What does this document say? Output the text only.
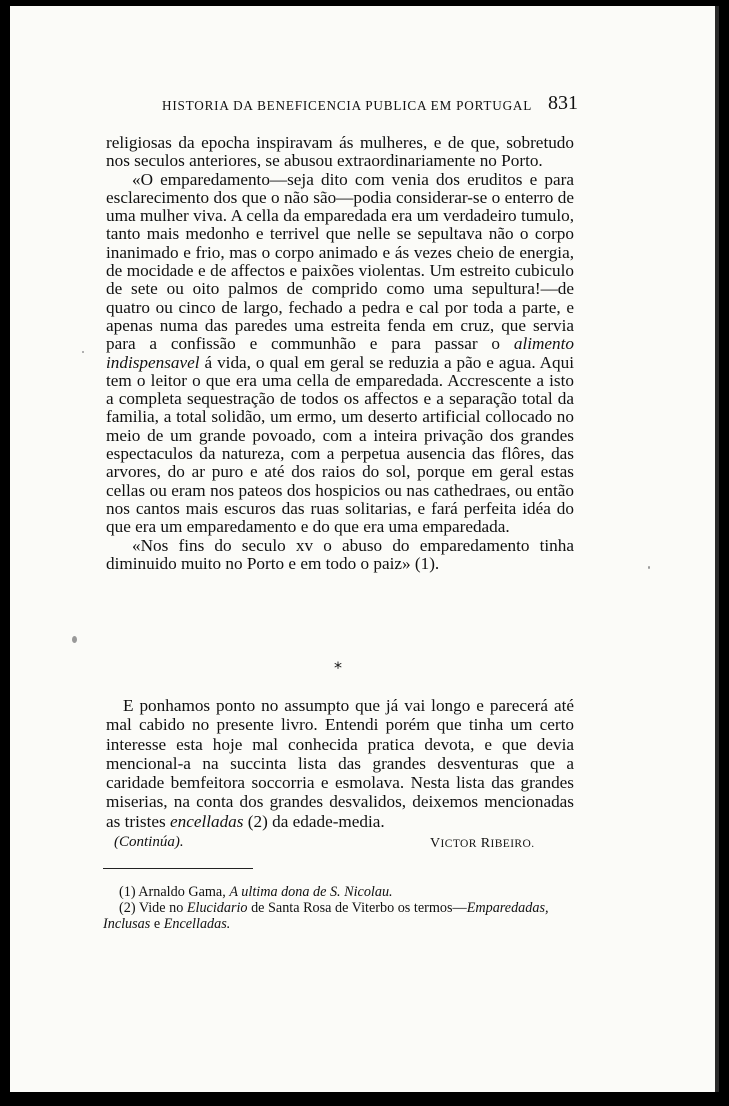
HISTORIA DA BENEFICENCIA PUBLICA EM PORTUGAL 831

religiosas da epocha inspiravam ás mulheres, e de que, sobretudo nos seculos anteriores, se abusou extraordinariamente no Porto.

«O emparedamento—seja dito com venia dos eruditos e para esclarecimento dos que o não são—podia considerar-se o enterro de uma mulher viva. A cella da emparedada era um verdadeiro tumulo, tanto mais medonho e terrivel que nelle se sepultava não o corpo inanimado e frio, mas o corpo animado e ás vezes cheio de energia, de mocidade e de affectos e paixões violentas. Um estreito cubiculo de sete ou oito palmos de comprido como uma sepultura!—de quatro ou cinco de largo, fechado a pedra e cal por toda a parte, e apenas numa das paredes uma estreita fenda em cruz, que servia para a confissão e communhão e para passar o alimento indispensavel á vida, o qual em geral se reduzia a pão e agua. Aqui tem o leitor o que era uma cella de emparedada. Accrescente a isto a completa sequestração de todos os affectos e a separação total da familia, a total solidão, um ermo, um deserto artificial collocado no meio de um grande povoado, com a inteira privação dos grandes espectaculos da natureza, com a perpetua ausencia das flôres, das arvores, do ar puro e até dos raios do sol, porque em geral estas cellas ou eram nos pateos dos hospicios ou nas cathedraes, ou então nos cantos mais escuros das ruas solitarias, e fará perfeita idéa do que era um emparedamento e do que era uma emparedada.

«Nos fins do seculo xv o abuso do emparedamento tinha diminuido muito no Porto e em todo o paiz» (1).

*

E ponhamos ponto no assumpto que já vai longo e parecerá até mal cabido no presente livro. Entendi porém que tinha um certo interesse esta hoje mal conhecida pratica devota, e que devia mencional-a na succinta lista das grandes desventuras que a caridade bemfeitora soccorria e esmolava. Nesta lista das grandes miserias, na conta dos grandes desvalidos, deixemos mencionadas as tristes encelladas (2) da edade-media.

(Continúa).	VICTOR RIBEIRO.

(1) Arnaldo Gama, A ultima dona de S. Nicolau.

(2) Vide no Elucidario de Santa Rosa de Viterbo os termos—Emparedadas, Inclusas e Encelladas.
